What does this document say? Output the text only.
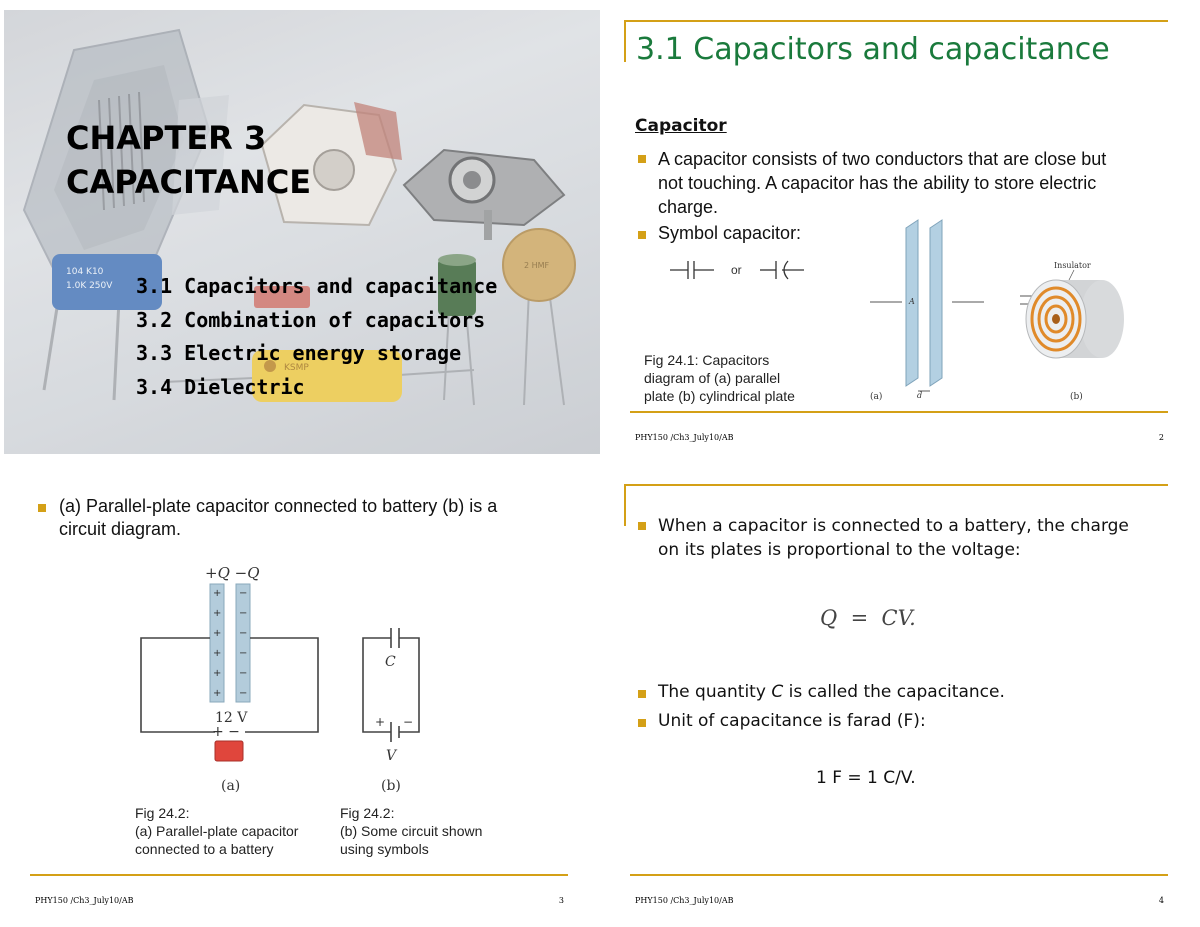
104 K10
1.0K 250V
KSMP
2 HMF
CHAPTER 3
CAPACITANCE
3.1 Capacitors and capacitance
3.2 Combination of capacitors
3.3 Electric energy storage
3.4 Dielectric
3.1 Capacitors and capacitance
Capacitor
A capacitor consists of two conductors that are close but
not touching. A capacitor has the ability to store electric
charge.
Symbol capacitor:
or
Fig 24.1: Capacitors
diagram of (a) parallel
plate (b) cylindrical plate
A
d
(a)
Insulator
(b)
PHY150 /Ch3_July10/AB	2
(a) Parallel-plate capacitor connected to battery (b) is a
circuit diagram.
+Q −Q
+
+
+
+
+
+
−
−
−
−
−
−
12 V
+ −
(a)
C
+ −
V
(b)
Fig 24.2:
(a) Parallel-plate capacitor
connected to a battery
Fig 24.2:
(b) Some circuit shown
using symbols
PHY150 /Ch3_July10/AB	3
When a capacitor is connected to a battery, the charge
on its plates is proportional to the voltage:
Q  =  CV.
The quantity C is called the capacitance.
Unit of capacitance is farad (F):
1 F = 1 C/V.
PHY150 /Ch3_July10/AB	4
